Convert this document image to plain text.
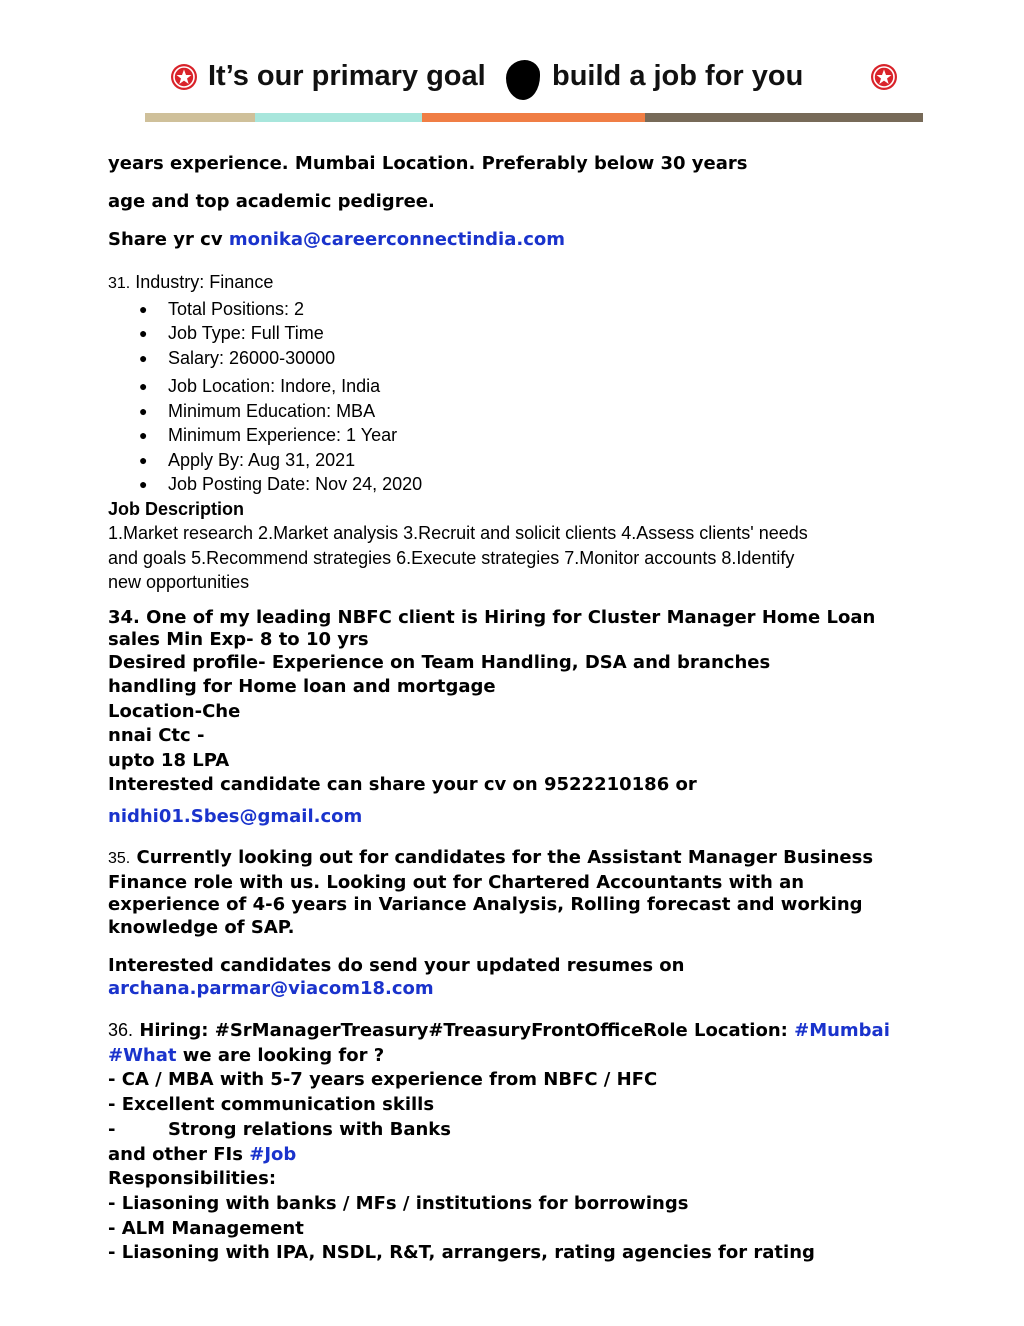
It’s our primary goal build a job for you

years experience. Mumbai Location. Preferably below 30 years

age and top academic pedigree.

Share yr cv monika@careerconnectindia.com

31. Industry: Finance

● Total Positions: 2
● Job Type: Full Time
● Salary: 26000-30000
● Job Location: Indore, India
● Minimum Education: MBA
● Minimum Experience: 1 Year
● Apply By: Aug 31, 2021
● Job Posting Date: Nov 24, 2020

Job Description

1.Market research 2.Market analysis 3.Recruit and solicit clients 4.Assess clients' needs

and goals 5.Recommend strategies 6.Execute strategies 7.Monitor accounts 8.Identify

new opportunities

34. One of my leading NBFC client is Hiring for Cluster Manager Home Loan

sales Min Exp- 8 to 10 yrs

Desired profile- Experience on Team Handling, DSA and branches

handling for Home loan and mortgage

Location-Che

nnai Ctc -

upto 18 LPA

Interested candidate can share your cv on 9522210186 or

nidhi01.Sbes@gmail.com

35. Currently looking out for candidates for the Assistant Manager Business

Finance role with us. Looking out for Chartered Accountants with an

experience of 4-6 years in Variance Analysis, Rolling forecast and working

knowledge of SAP.

Interested candidates do send your updated resumes on

archana.parmar@viacom18.com

36. Hiring: #SrManagerTreasury#TreasuryFrontOfficeRole Location: #Mumbai

#What we are looking for ?

- CA / MBA with 5-7 years experience from NBFC / HFC

- Excellent communication skills

-	Strong relations with Banks

and other FIs #Job

Responsibilities:

- Liasoning with banks / MFs / institutions for borrowings

- ALM Management

- Liasoning with IPA, NSDL, R&T, arrangers, rating agencies for rating
